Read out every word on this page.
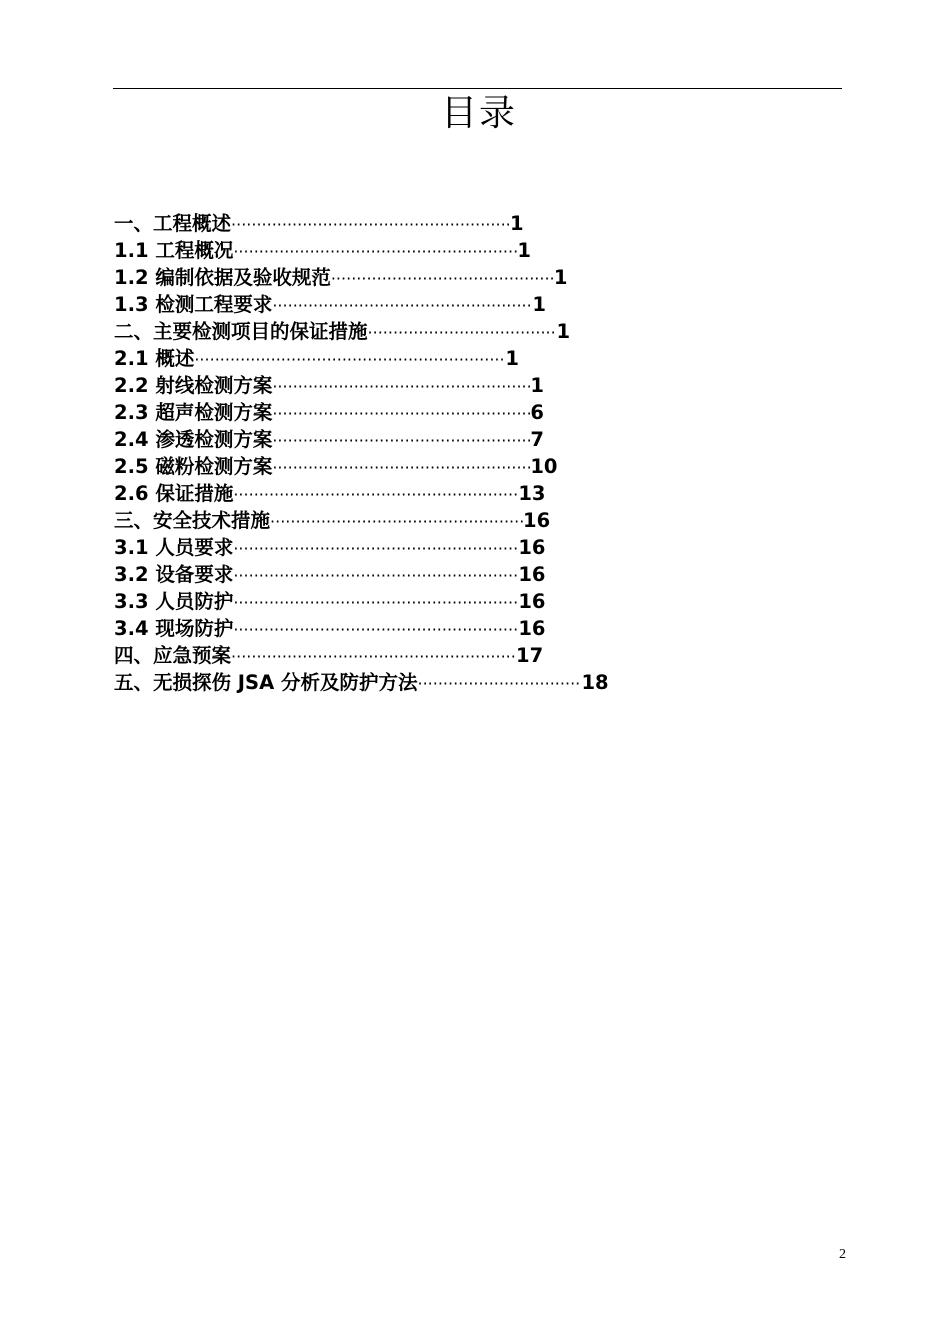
目录
一、工程概述 ·····	1
1.1 工程概况 ·····	1
1.2 编制依据及验收规范 ·····	1
1.3 检测工程要求 ·····	1
二、主要检测项目的保证措施 ·····	1
2.1 概述 ·····	1
2.2 射线检测方案 ·····	1
2.3 超声检测方案 ·····	6
2.4 渗透检测方案 ·····	7
2.5 磁粉检测方案 ·····	10
2.6 保证措施 ·····	13
三、安全技术措施 ·····	16
3.1 人员要求 ·····	16
3.2 设备要求 ·····	16
3.3 人员防护 ·····	16
3.4 现场防护 ·····	16
四、应急预案 ·····	17
五、无损探伤 JSA 分析及防护方法 ·····	18
2
